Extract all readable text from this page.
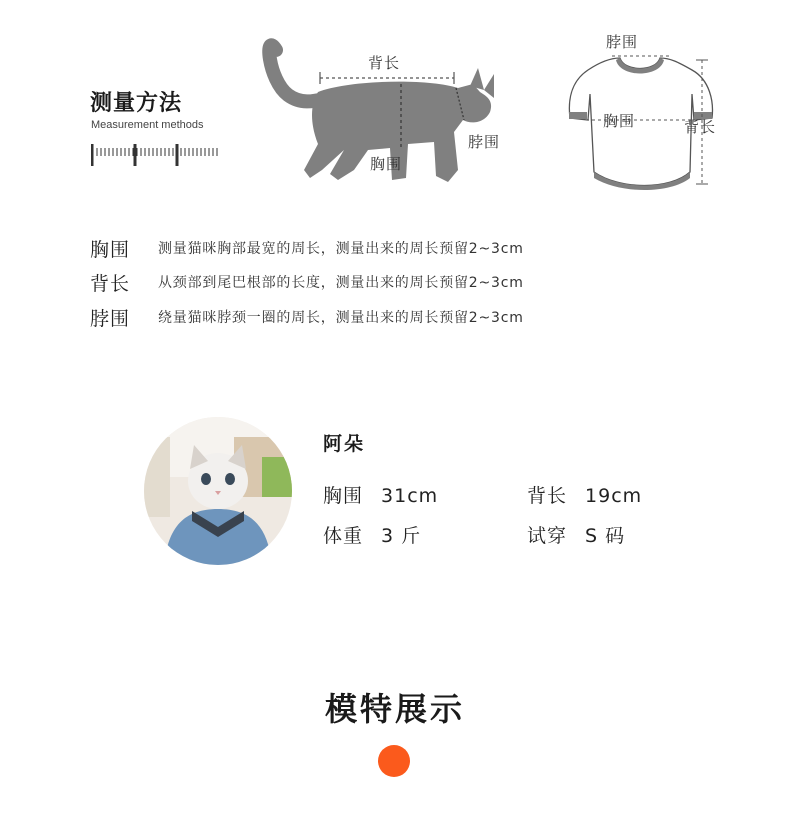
测量方法
Measurement methods
背长
脖围
胸围
脖围
胸围	背长
胸围	测量猫咪胸部最宽的周长，测量出来的周长预留2~3cm
背长	从颈部到尾巴根部的长度，测量出来的周长预留2~3cm
脖围	绕量猫咪脖颈一圈的周长，测量出来的周长预留2~3cm
阿朵
胸围 31cm	背长 19cm
体重 3 斤	试穿 S 码
模特展示
